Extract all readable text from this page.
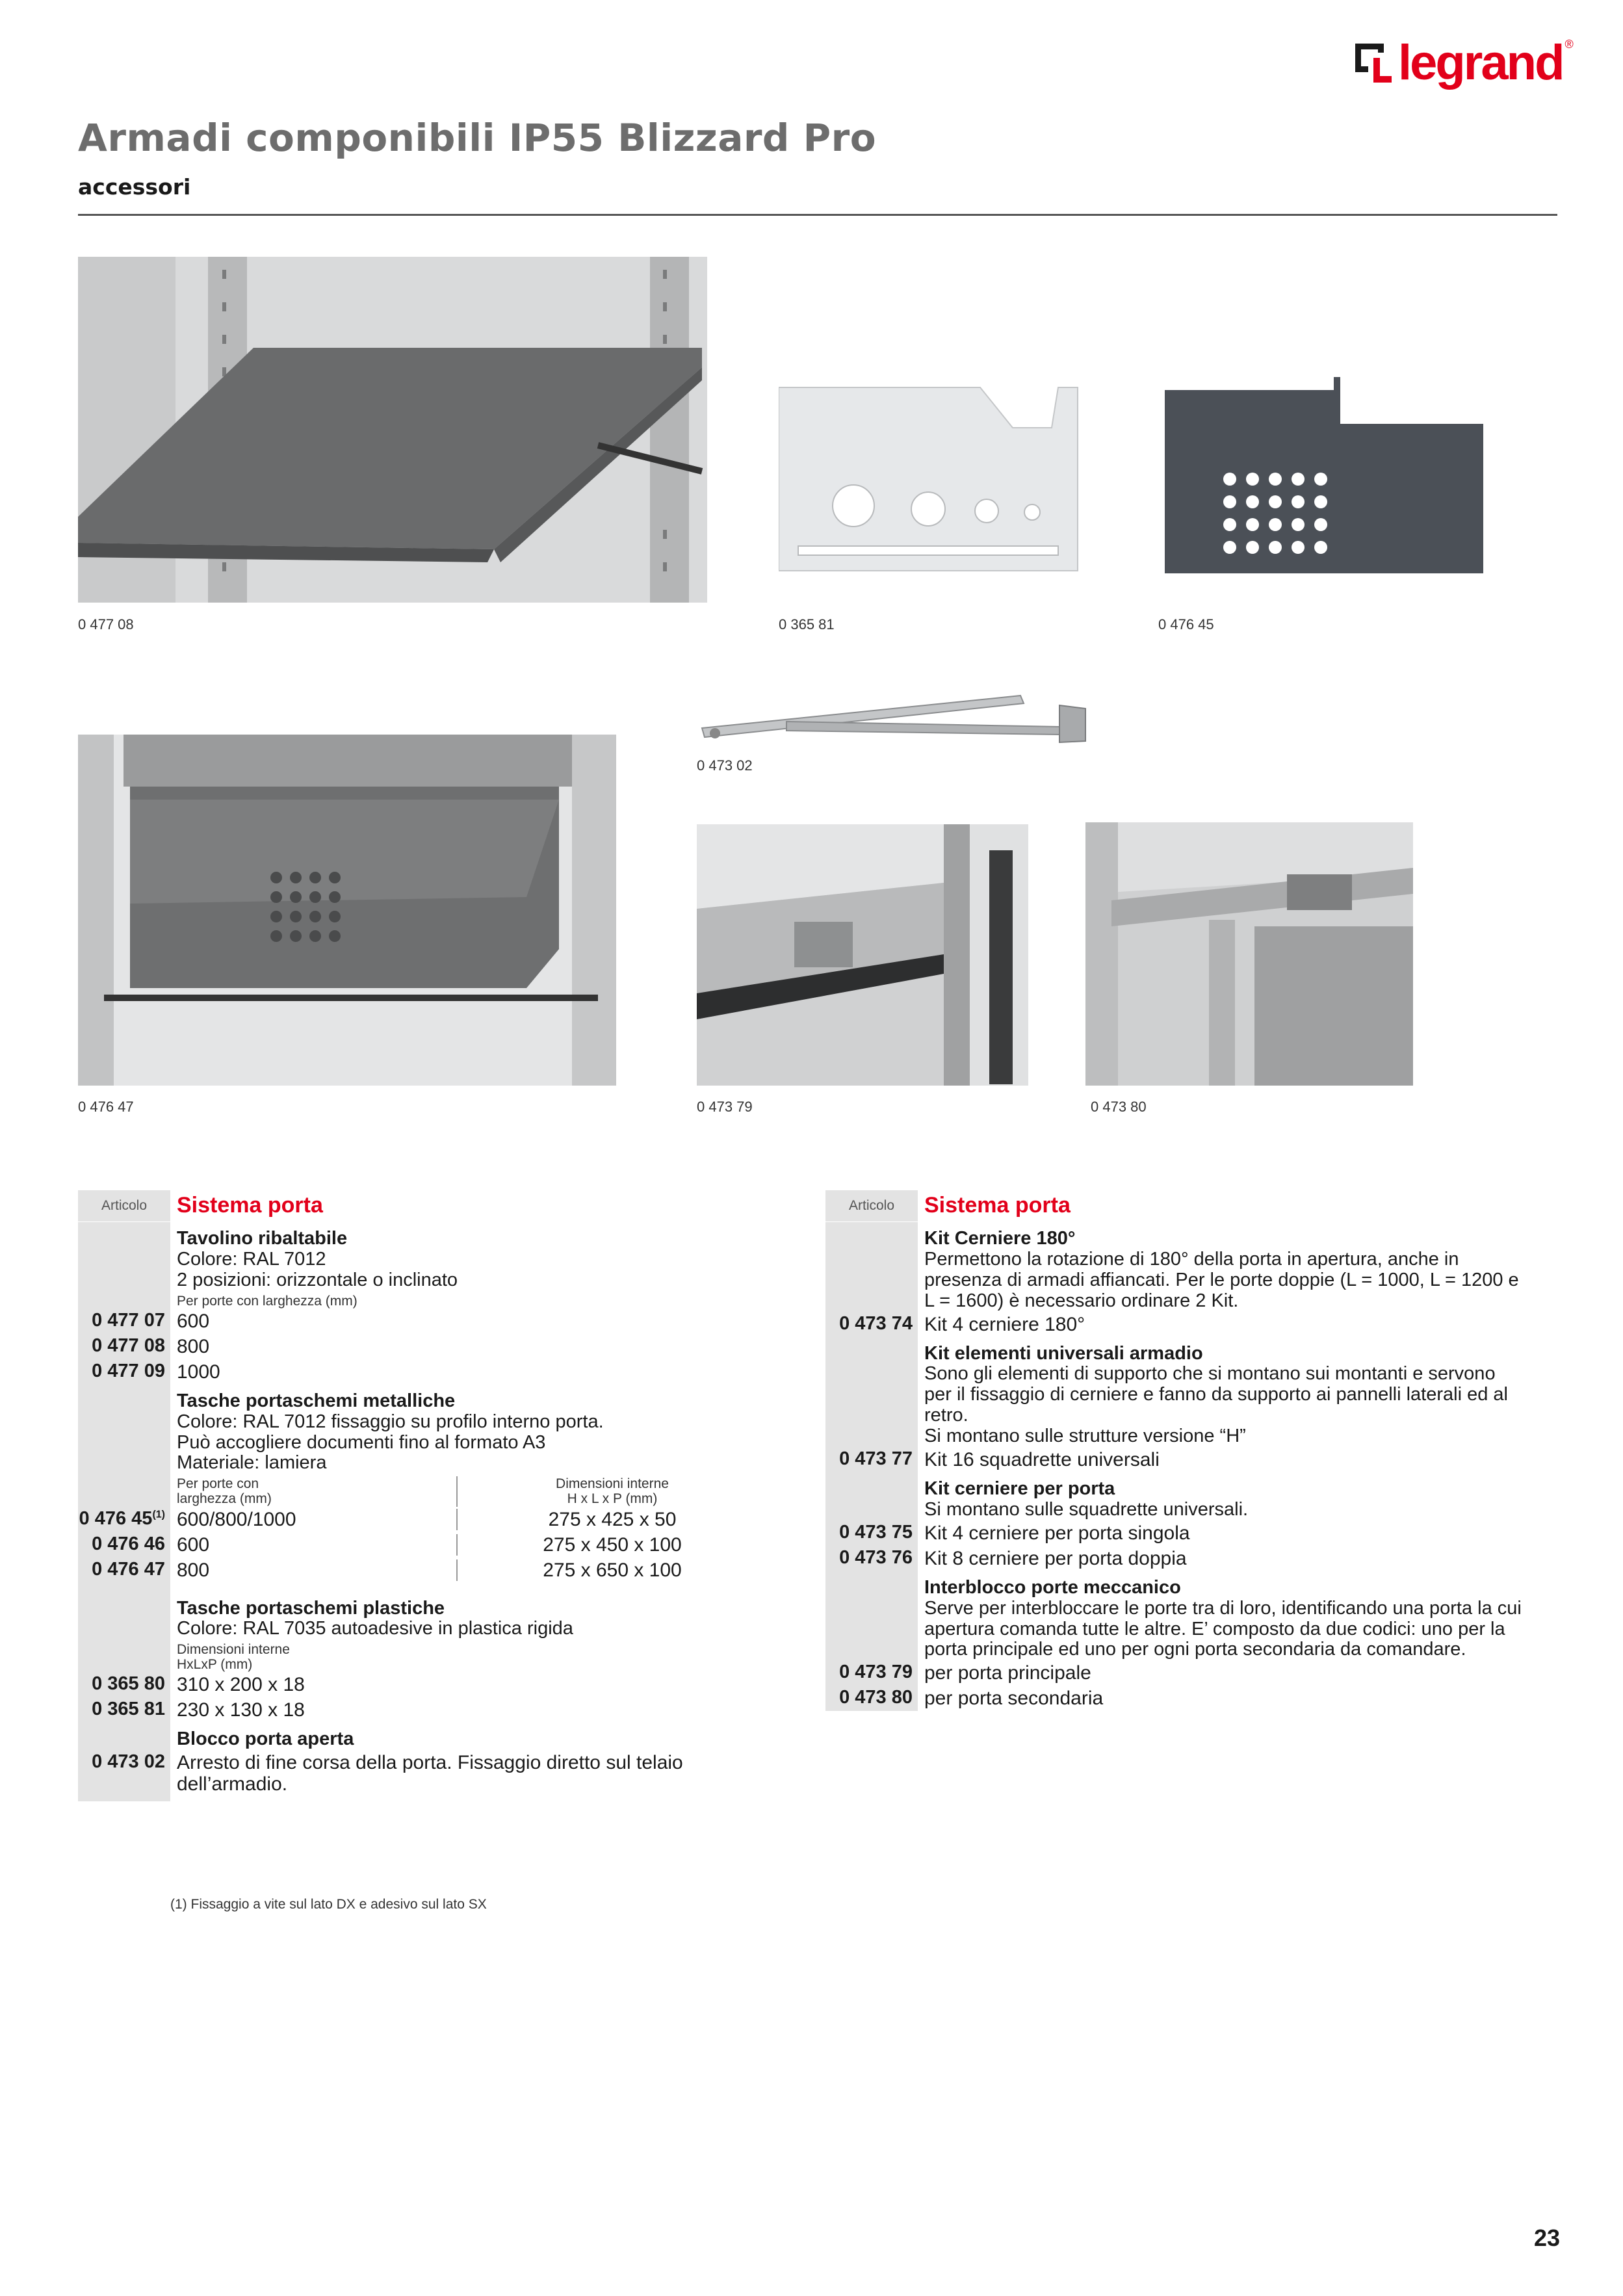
legrand ®
Armadi componibili IP55 Blizzard Pro
accessori
0 477 08	0 365 81	0 476 45
0 473 02
0 476 47	0 473 79	0 473 80
Articolo	Sistema porta
Tavolino ribaltabile
Colore: RAL 7012
2 posizioni: orizzontale o inclinato
Per porte con larghezza (mm)
0 477 07 600
0 477 08 800
0 477 09 1000
Tasche portaschemi metalliche
Colore: RAL 7012 fissaggio su profilo interno porta.
Può accogliere documenti fino al formato A3
Materiale: lamiera
Per porte con
larghezza (mm)
Dimensioni interne
H x L x P (mm)
0 476 45$^{(1)}$ 600/800/1000	275 x 425 x 50
0 476 46 600	275 x 450 x 100
0 476 47 800	275 x 650 x 100
Tasche portaschemi plastiche
Colore: RAL 7035 autoadesive in plastica rigida
Dimensioni interne
HxLxP (mm)
0 365 80 310 x 200 x 18
0 365 81 230 x 130 x 18
Blocco porta aperta
0 473 02 Arresto di fine corsa della porta. Fissaggio diretto sul telaio dell’armadio.
(1) Fissaggio a vite sul lato DX e adesivo sul lato SX
Articolo	Sistema porta
Kit Cerniere 180°
Permettono la rotazione di 180° della porta in apertura, anche in presenza di armadi affiancati. Per le porte doppie (L = 1000, L = 1200 e L = 1600) è necessario ordinare 2 Kit.
0 473 74 Kit 4 cerniere 180°
Kit elementi universali armadio
Sono gli elementi di supporto che si montano sui montanti e servono per il fissaggio di cerniere e fanno da supporto ai pannelli laterali ed al retro.
Si montano sulle strutture versione “H”
0 473 77 Kit 16 squadrette universali
Kit cerniere per porta
Si montano sulle squadrette universali.
0 473 75 Kit 4 cerniere per porta singola
0 473 76 Kit 8 cerniere per porta doppia
Interblocco porte meccanico
Serve per interbloccare le porte tra di loro, identificando una porta la cui apertura comanda tutte le altre. E’ composto da due codici: uno per la porta principale ed uno per ogni porta secondaria da comandare.
0 473 79 per porta principale
0 473 80 per porta secondaria
23
